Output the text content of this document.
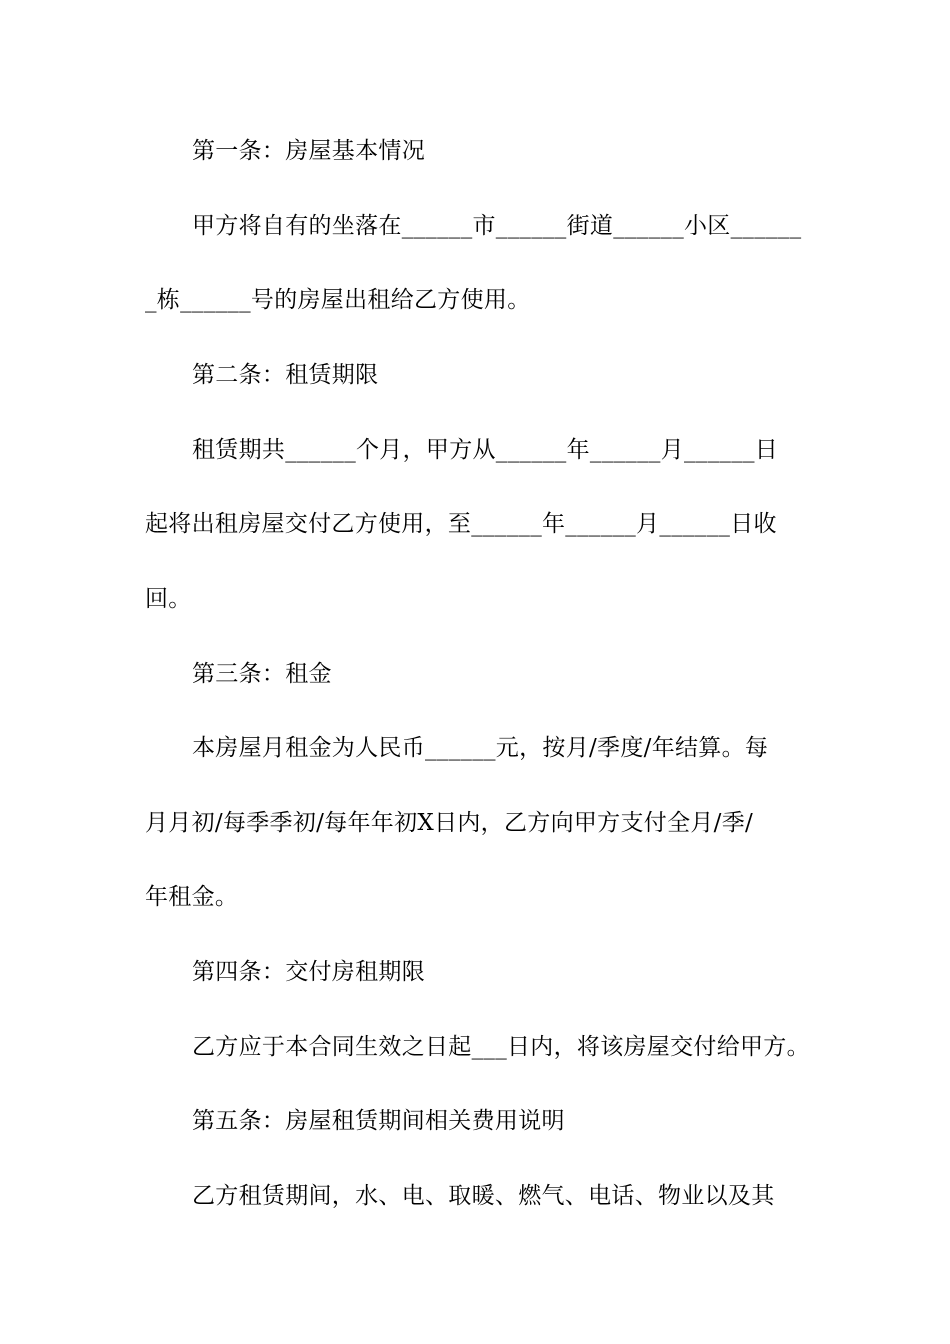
第一条：房屋基本情况
甲方将自有的坐落在______市______街道______小区______
_栋______号的房屋出租给乙方使用。
第二条：租赁期限
租赁期共______个月，甲方从______年______月______日
起将出租房屋交付乙方使用，至______年______月______日收
回。
第三条：租金
本房屋月租金为人民币______元，按月/季度/年结算。每
月月初/每季季初/每年年初X日内，乙方向甲方支付全月/季/
年租金。
第四条：交付房租期限
乙方应于本合同生效之日起___日内，将该房屋交付给甲方。
第五条：房屋租赁期间相关费用说明
乙方租赁期间，水、电、取暖、燃气、电话、物业以及其
